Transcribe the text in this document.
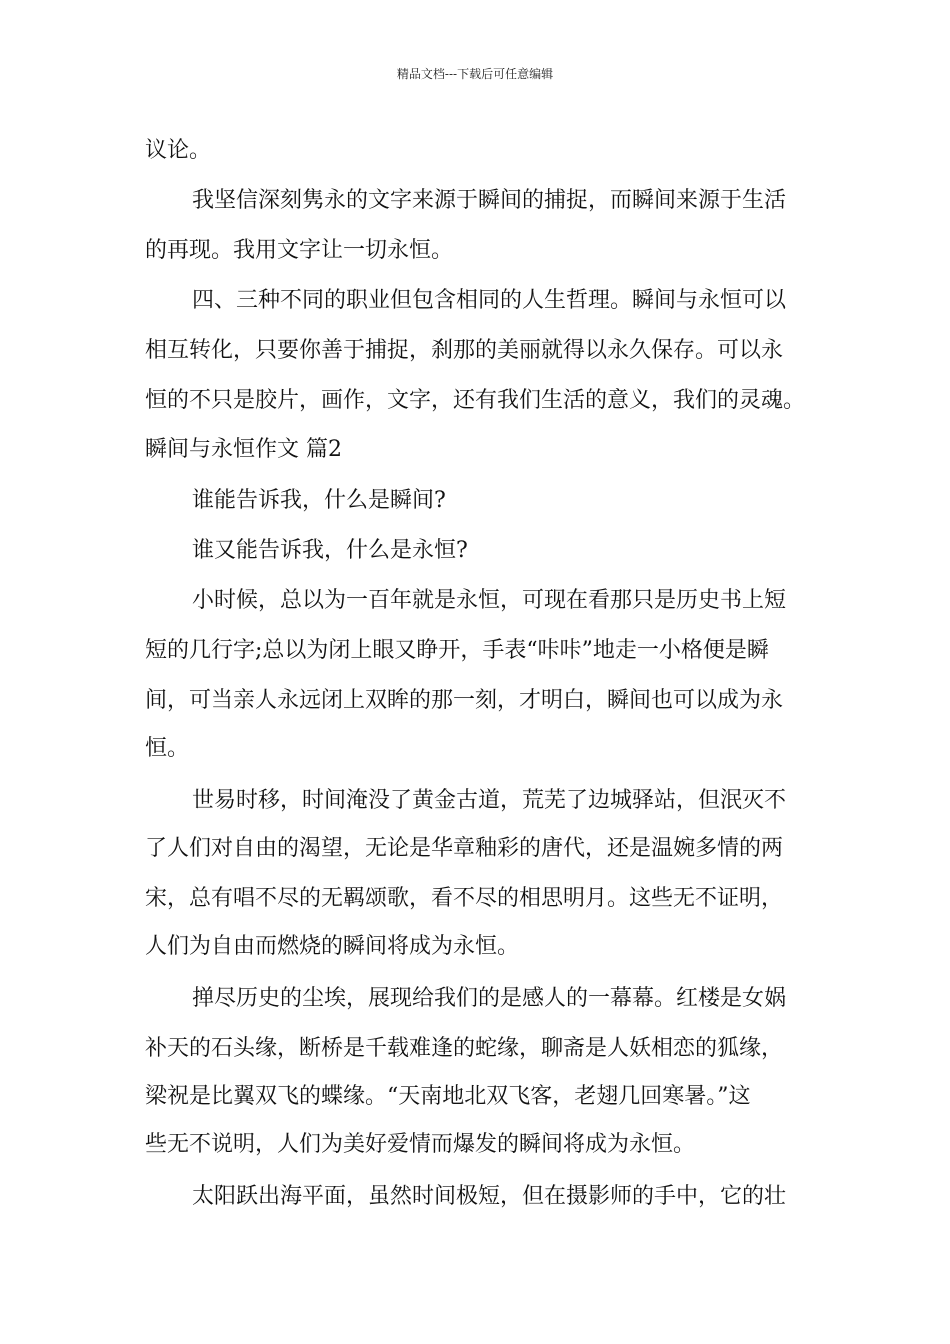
精品文档---下载后可任意编辑
议论。
我坚信深刻隽永的文字来源于瞬间的捕捉，而瞬间来源于生活
的再现。我用文字让一切永恒。
四、三种不同的职业但包含相同的人生哲理。瞬间与永恒可以
相互转化，只要你善于捕捉，刹那的美丽就得以永久保存。可以永
恒的不只是胶片，画作，文字，还有我们生活的意义，我们的灵魂。
瞬间与永恒作文 篇2
谁能告诉我，什么是瞬间?
谁又能告诉我，什么是永恒?
小时候，总以为一百年就是永恒，可现在看那只是历史书上短
短的几行字;总以为闭上眼又睁开，手表“咔咔”地走一小格便是瞬
间，可当亲人永远闭上双眸的那一刻，才明白，瞬间也可以成为永
恒。
世易时移，时间淹没了黄金古道，荒芜了边城驿站，但泯灭不
了人们对自由的渴望，无论是华章釉彩的唐代，还是温婉多情的两
宋，总有唱不尽的无羁颂歌，看不尽的相思明月。这些无不证明，
人们为自由而燃烧的瞬间将成为永恒。
掸尽历史的尘埃，展现给我们的是感人的一幕幕。红楼是女娲
补天的石头缘，断桥是千载难逢的蛇缘，聊斋是人妖相恋的狐缘，
梁祝是比翼双飞的蝶缘。“天南地北双飞客，老翅几回寒暑。”这
些无不说明，人们为美好爱情而爆发的瞬间将成为永恒。
太阳跃出海平面，虽然时间极短，但在摄影师的手中，它的壮
